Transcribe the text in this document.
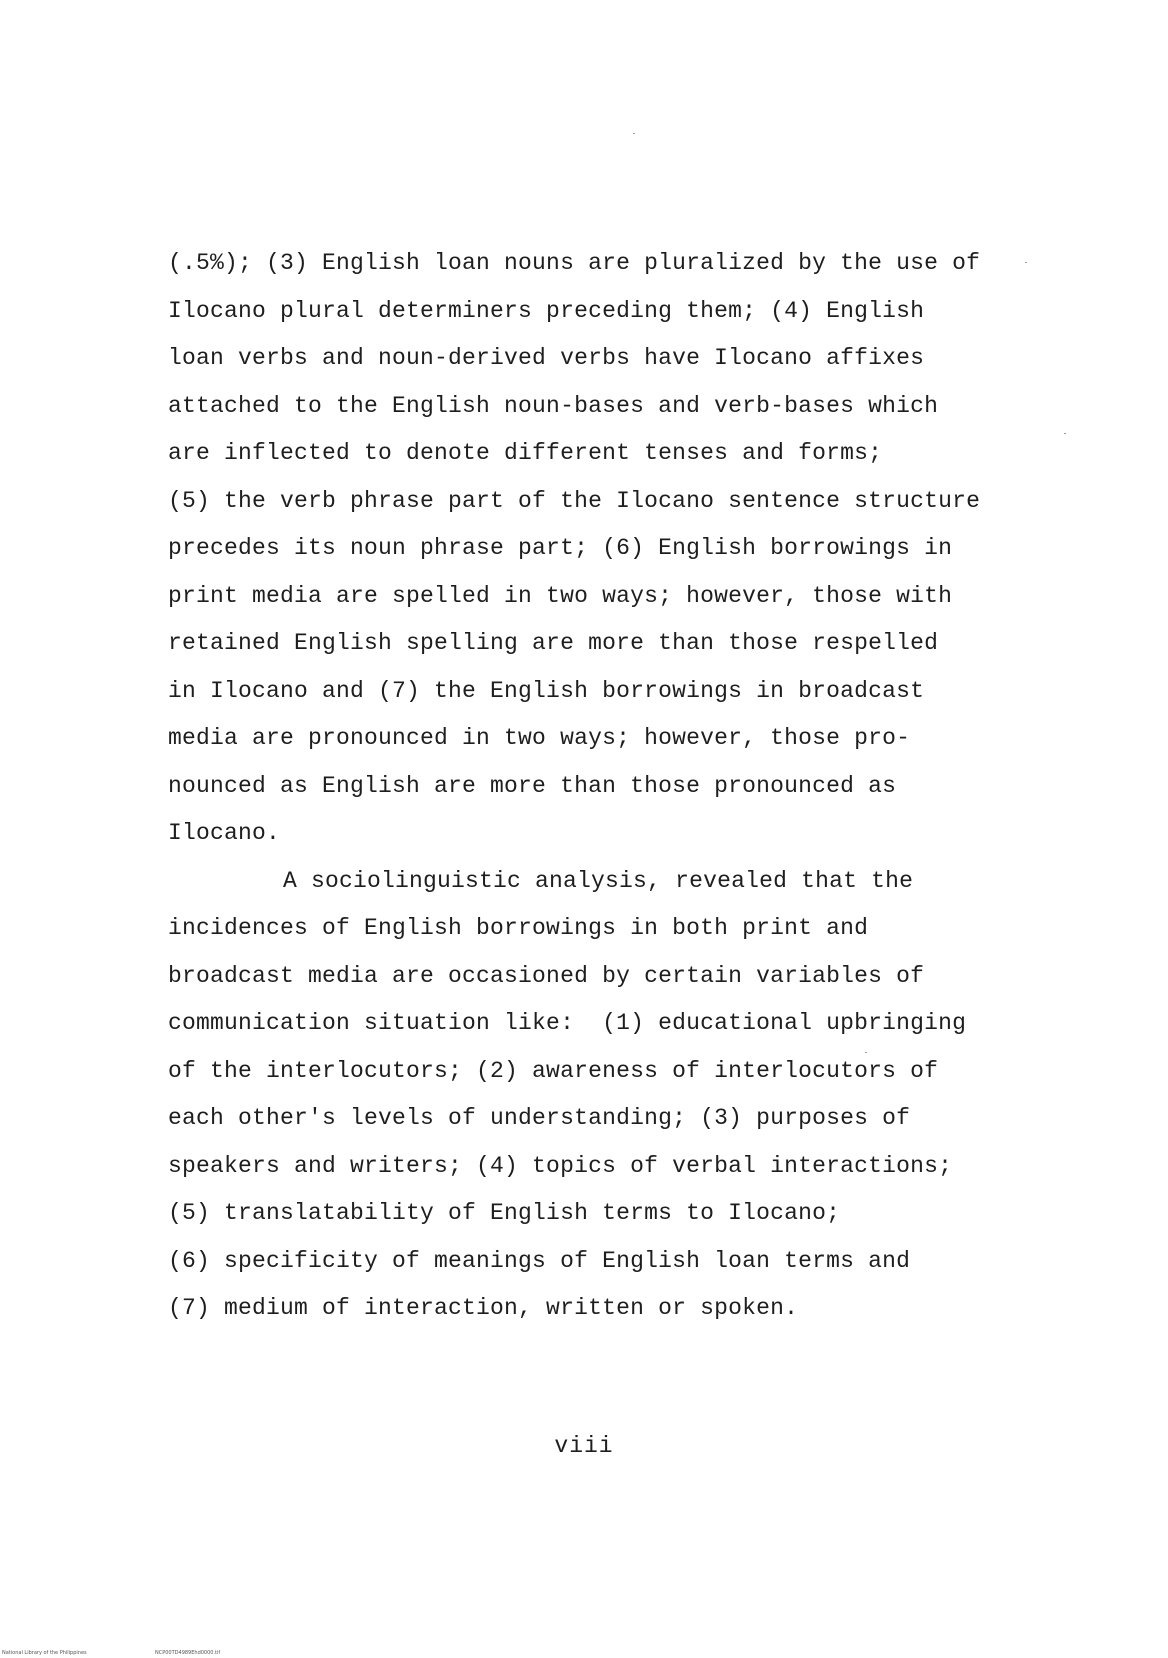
(.5%); (3) English loan nouns are pluralized by the use of
Ilocano plural determiners preceding them; (4) English
loan verbs and noun-derived verbs have Ilocano affixes
attached to the English noun-bases and verb-bases which
are inflected to denote different tenses and forms;
(5) the verb phrase part of the Ilocano sentence structure
precedes its noun phrase part; (6) English borrowings in
print media are spelled in two ways; however, those with
retained English spelling are more than those respelled
in Ilocano and (7) the English borrowings in broadcast
media are pronounced in two ways; however, those pro-
nounced as English are more than those pronounced as
Ilocano.
A sociolinguistic analysis, revealed that the
incidences of English borrowings in both print and
broadcast media are occasioned by certain variables of
communication situation like:  (1) educational upbringing
of the interlocutors; (2) awareness of interlocutors of
each other's levels of understanding; (3) purposes of
speakers and writers; (4) topics of verbal interactions;
(5) translatability of English terms to Ilocano;
(6) specificity of meanings of English loan terms and
(7) medium of interaction, written or spoken.
viii
National Library of the Philippines	NCP00TD4989Ehd0000.tif
